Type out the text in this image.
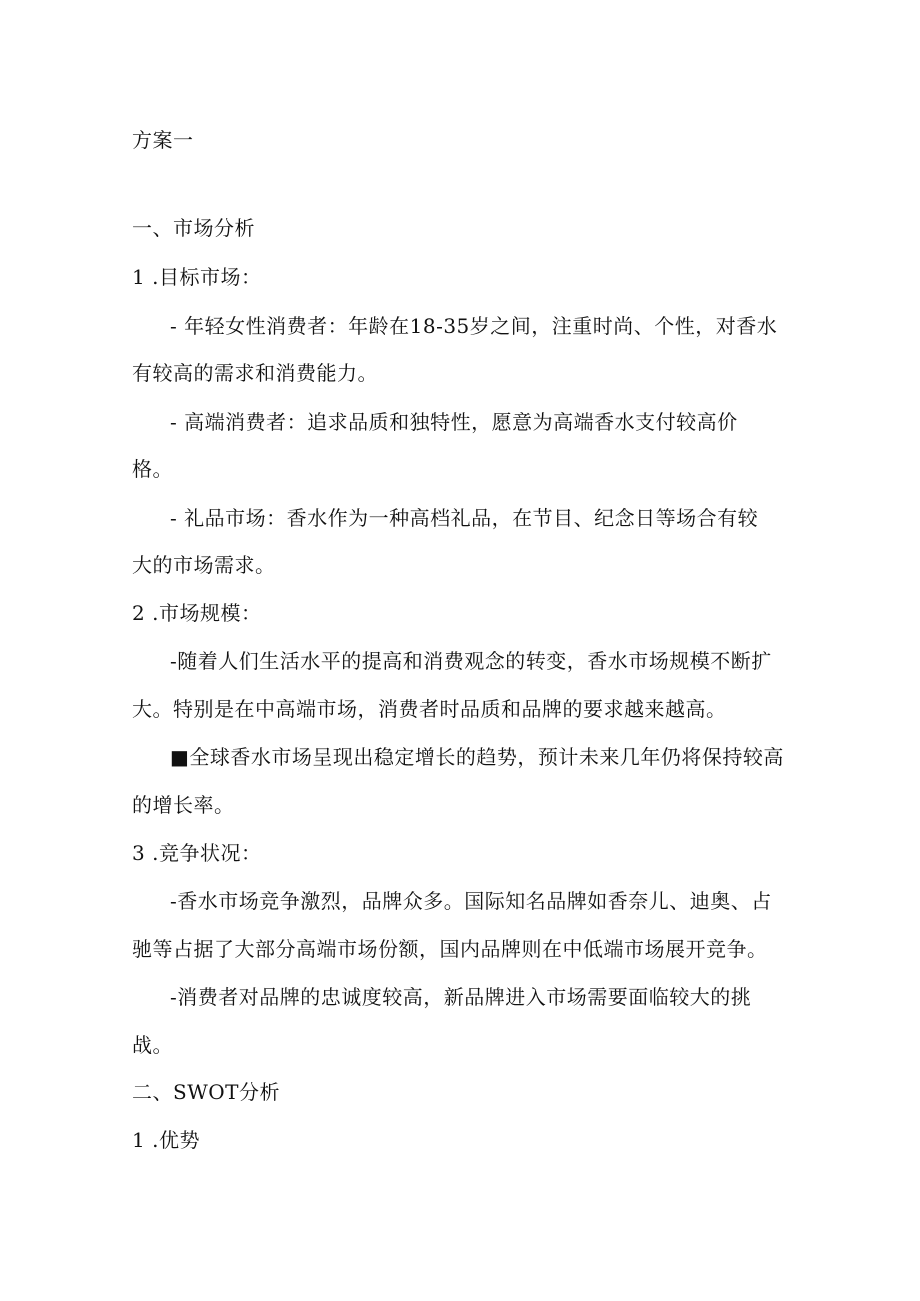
方案一
一、市场分析
1 .目标市场：
- 年轻女性消费者：年龄在18-35岁之间，注重时尚、个性，对香水
有较高的需求和消费能力。
- 高端消费者：追求品质和独特性，愿意为高端香水支付较高价
格。
- 礼品市场：香水作为一种高档礼品，在节目、纪念日等场合有较
大的市场需求。
2 .市场规模：
-随着人们生活水平的提高和消费观念的转变，香水市场规模不断扩
大。特别是在中高端市场，消费者时品质和品牌的要求越来越高。
■全球香水市场呈现出稳定增长的趋势，预计未来几年仍将保持较高
的增长率。
3 .竞争状况：
-香水市场竞争激烈，品牌众多。国际知名品牌如香奈儿、迪奥、占
驰等占据了大部分高端市场份额，国内品牌则在中低端市场展开竞争。
-消费者对品牌的忠诚度较高，新品牌进入市场需要面临较大的挑
战。
二、SWOT分析
1 .优势
